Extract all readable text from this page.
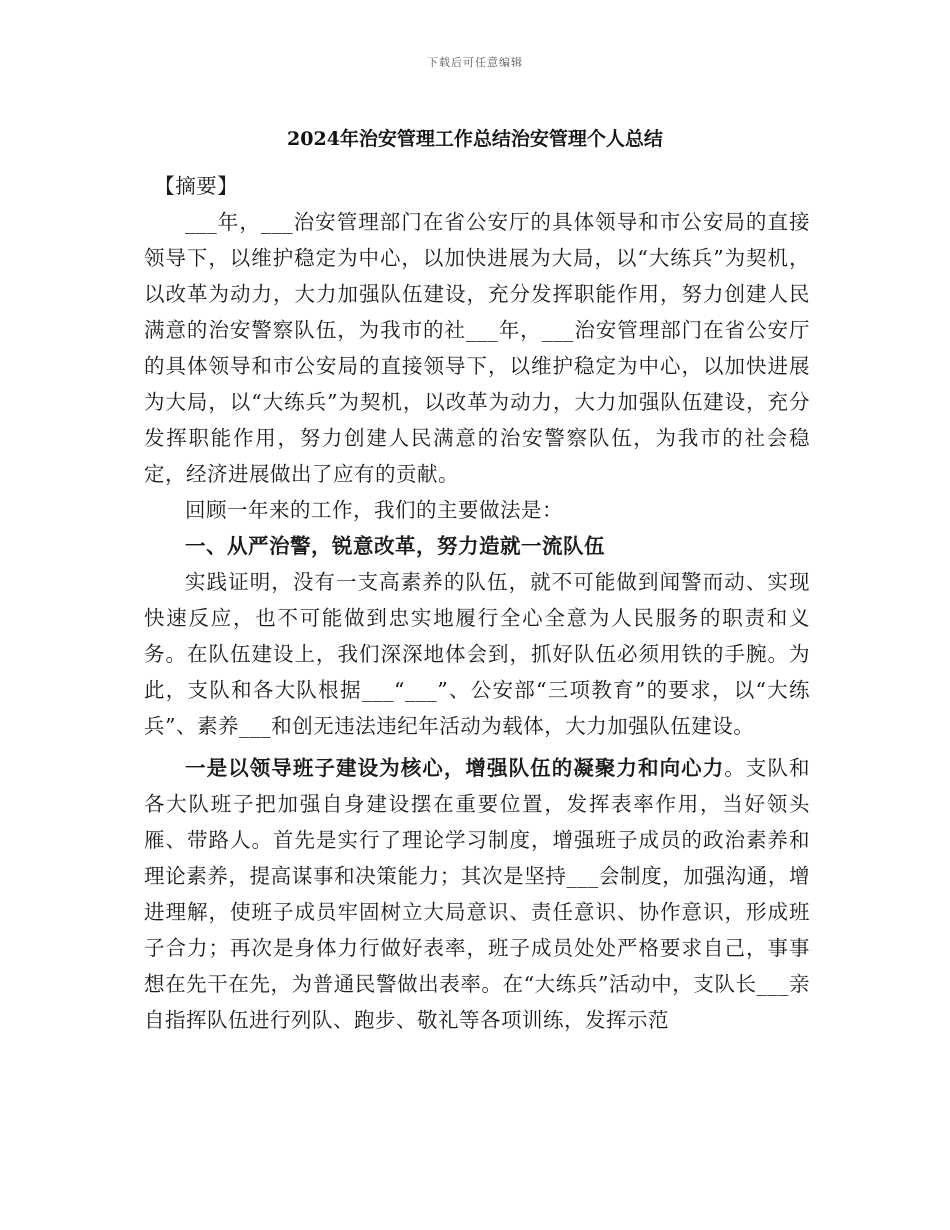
下载后可任意编辑
2024年治安管理工作总结治安管理个人总结

【摘要】

___年，___治安管理部门在省公安厅的具体领导和市公安局的直接领导下，以维护稳定为中心，以加快进展为大局，以“大练兵”为契机，以改革为动力，大力加强队伍建设，充分发挥职能作用，努力创建人民满意的治安警察队伍，为我市的社___年，___治安管理部门在省公安厅的具体领导和市公安局的直接领导下，以维护稳定为中心，以加快进展为大局，以“大练兵”为契机，以改革为动力，大力加强队伍建设，充分发挥职能作用，努力创建人民满意的治安警察队伍，为我市的社会稳定，经济进展做出了应有的贡献。

回顾一年来的工作，我们的主要做法是：

一、从严治警，锐意改革，努力造就一流队伍

实践证明，没有一支高素养的队伍，就不可能做到闻警而动、实现快速反应，也不可能做到忠实地履行全心全意为人民服务的职责和义务。在队伍建设上，我们深深地体会到，抓好队伍必须用铁的手腕。为此，支队和各大队根据___“___”、公安部“三项教育”的要求，以“大练兵”、素养___和创无违法违纪年活动为载体，大力加强队伍建设。

一是以领导班子建设为核心，增强队伍的凝聚力和向心力。支队和各大队班子把加强自身建设摆在重要位置，发挥表率作用，当好领头雁、带路人。首先是实行了理论学习制度，增强班子成员的政治素养和理论素养，提高谋事和决策能力；其次是坚持___会制度，加强沟通，增进理解，使班子成员牢固树立大局意识、责任意识、协作意识，形成班子合力；再次是身体力行做好表率，班子成员处处严格要求自己，事事想在先干在先，为普通民警做出表率。在“大练兵”活动中，支队长___亲自指挥队伍进行列队、跑步、敬礼等各项训练，发挥示范
